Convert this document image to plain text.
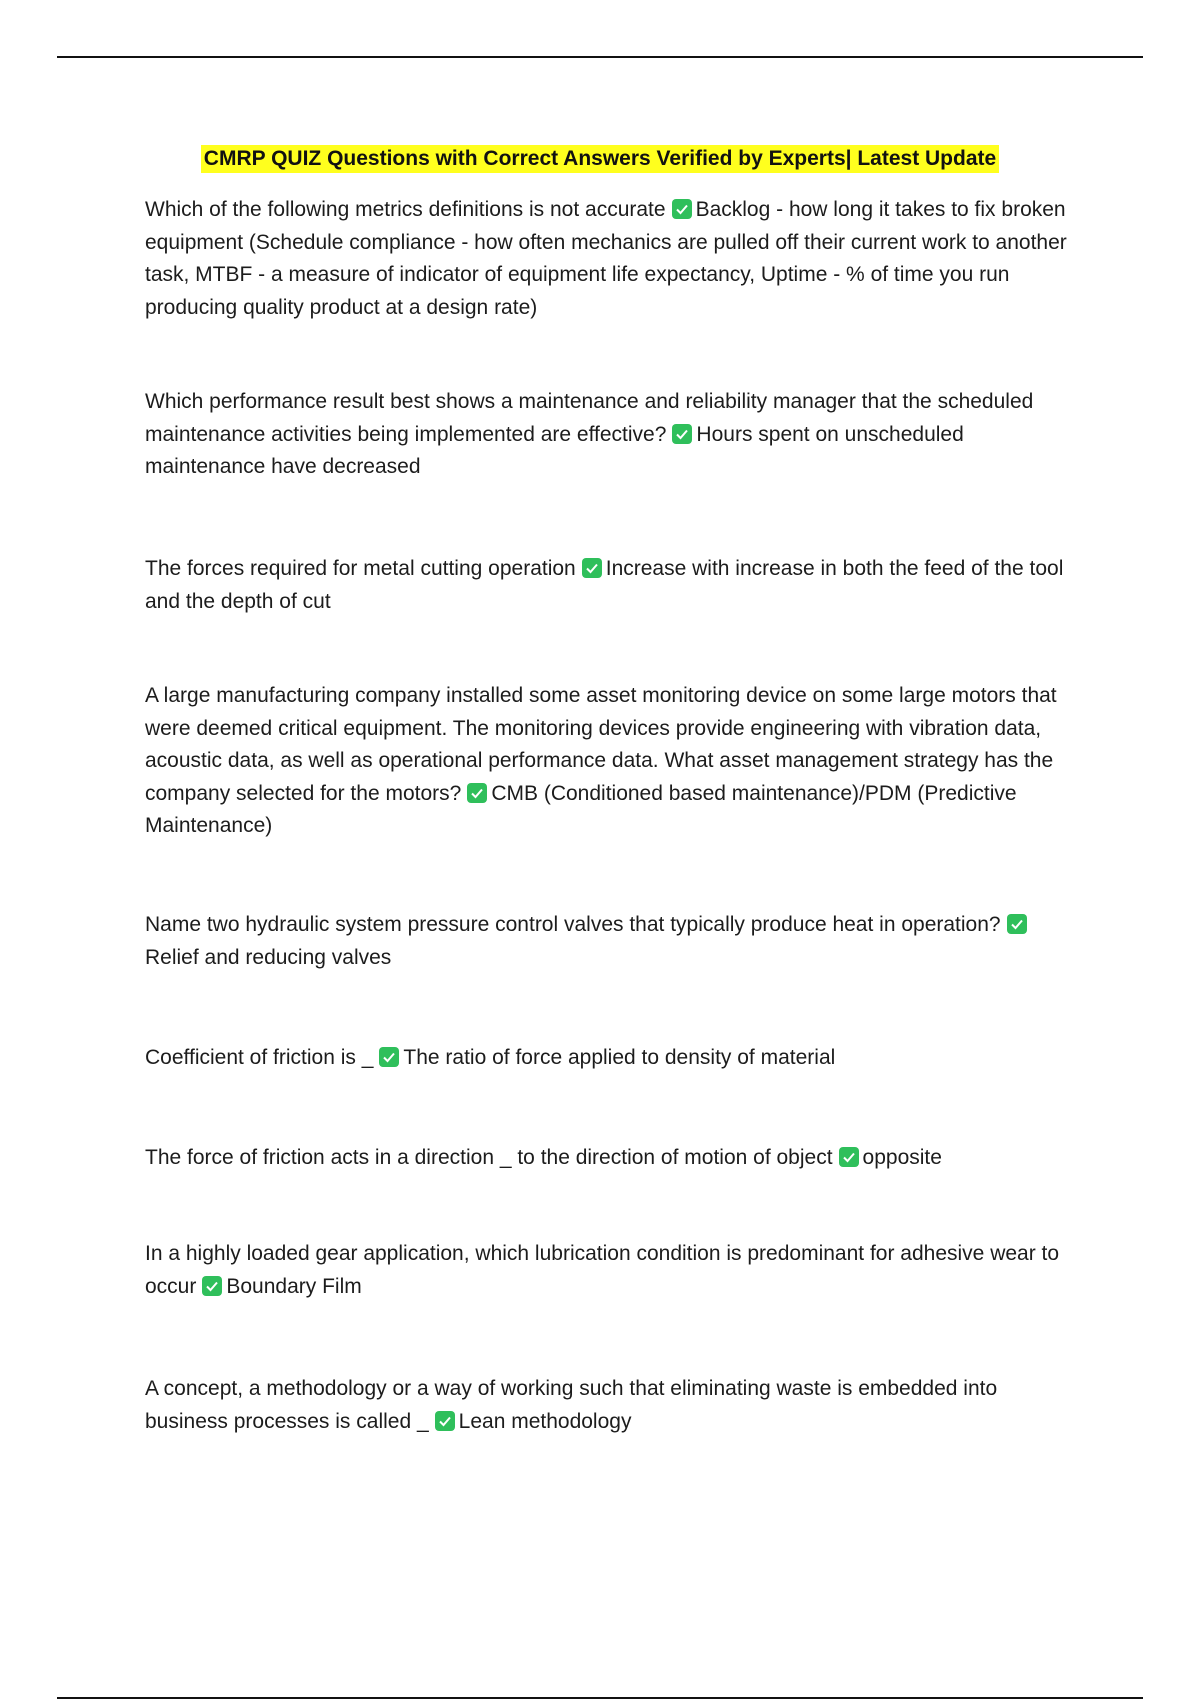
CMRP QUIZ Questions with Correct Answers Verified by Experts| Latest Update
Which of the following metrics definitions is not accurate Backlog - how long it takes to fix broken equipment (Schedule compliance - how often mechanics are pulled off their current work to another task, MTBF - a measure of indicator of equipment life expectancy, Uptime - % of time you run producing quality product at a design rate)
Which performance result best shows a maintenance and reliability manager that the scheduled maintenance activities being implemented are effective? Hours spent on unscheduled maintenance have decreased
The forces required for metal cutting operation Increase with increase in both the feed of the tool and the depth of cut
A large manufacturing company installed some asset monitoring device on some large motors that were deemed critical equipment. The monitoring devices provide engineering with vibration data, acoustic data, as well as operational performance data. What asset management strategy has the company selected for the motors? CMB (Conditioned based maintenance)/PDM (Predictive Maintenance)
Name two hydraulic system pressure control valves that typically produce heat in operation?
Relief and reducing valves
Coefficient of friction is _ The ratio of force applied to density of material
The force of friction acts in a direction _ to the direction of motion of object opposite
In a highly loaded gear application, which lubrication condition is predominant for adhesive wear to occur Boundary Film
A concept, a methodology or a way of working such that eliminating waste is embedded into business processes is called _ Lean methodology
